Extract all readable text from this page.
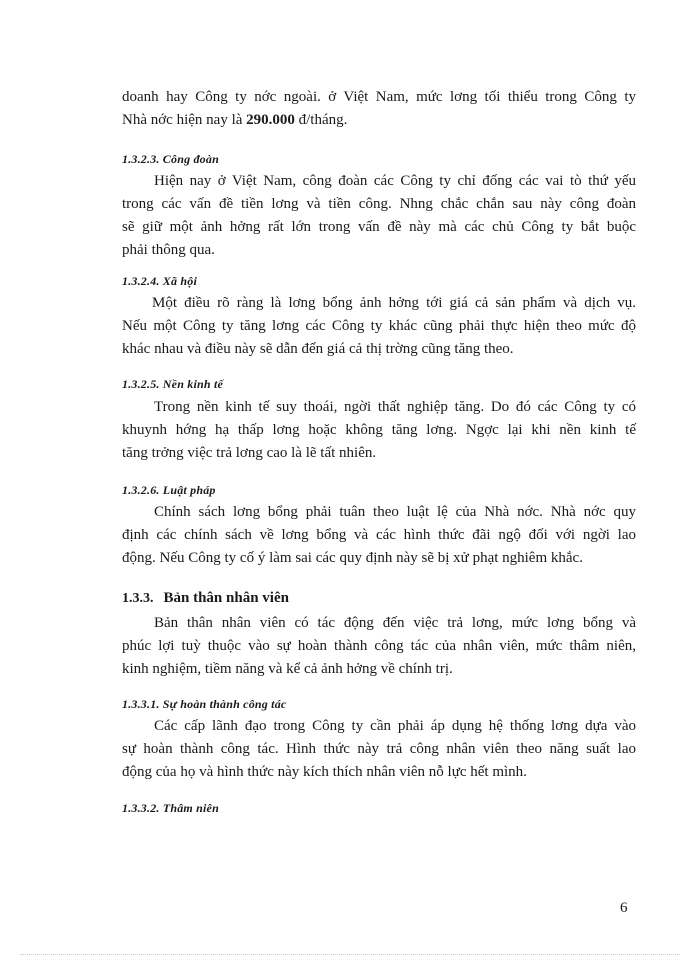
doanh hay Công ty nớc ngoài. ở Việt Nam, mức lơng tối thiểu trong Công ty
Nhà nớc hiện nay là 290.000 đ/tháng.
1.3.2.3. Công đoàn
Hiện nay ở Việt Nam, công đoàn các Công ty chỉ đống các vai tò thứ yếu
trong các vấn đề tiền lơng và tiền công. Nhng chắc chắn sau này công đoàn
sẽ giữ một ảnh hởng rất lớn trong vấn đề này mà các chủ Công ty bắt buộc
phải thông qua.
1.3.2.4. Xã hội
Một điều rõ ràng là lơng bổng ảnh hởng tới giá cả sản phẩm và dịch vụ.
Nếu một Công ty tăng lơng các Công ty khác cũng phải thực hiện theo mức độ
khác nhau và điều này sẽ dẫn đến giá cả thị trờng cũng tăng theo.
1.3.2.5. Nền kinh tế
Trong nền kinh tế suy thoái, ngời thất nghiệp tăng. Do đó các Công ty có
khuynh hớng hạ thấp lơng hoặc không tăng lơng. Ngợc lại khi nền kinh tế
tăng trởng việc trả lơng cao là lẽ tất nhiên.
1.3.2.6. Luật pháp
Chính sách lơng bổng phải tuân theo luật lệ của Nhà nớc. Nhà nớc quy
định các chính sách về lơng bổng và các hình thức đãi ngộ đối với ngời lao
động. Nếu Công ty cố ý làm sai các quy định này sẽ bị xử phạt nghiêm khắc.
1.3.3. Bản thân nhân viên
Bản thân nhân viên có tác động đến việc trả lơng, mức lơng bổng và
phúc lợi tuỳ thuộc vào sự hoàn thành công tác của nhân viên, mức thâm niên,
kinh nghiệm, tiềm năng và kể cả ảnh hởng về chính trị.
1.3.3.1. Sự hoàn thành công tác
Các cấp lãnh đạo trong Công ty cần phải áp dụng hệ thống lơng dựa vào
sự hoàn thành công tác. Hình thức này trả công nhân viên theo năng suất lao
động của họ và hình thức này kích thích nhân viên nỗ lực hết mình.
1.3.3.2. Thâm niên
6
